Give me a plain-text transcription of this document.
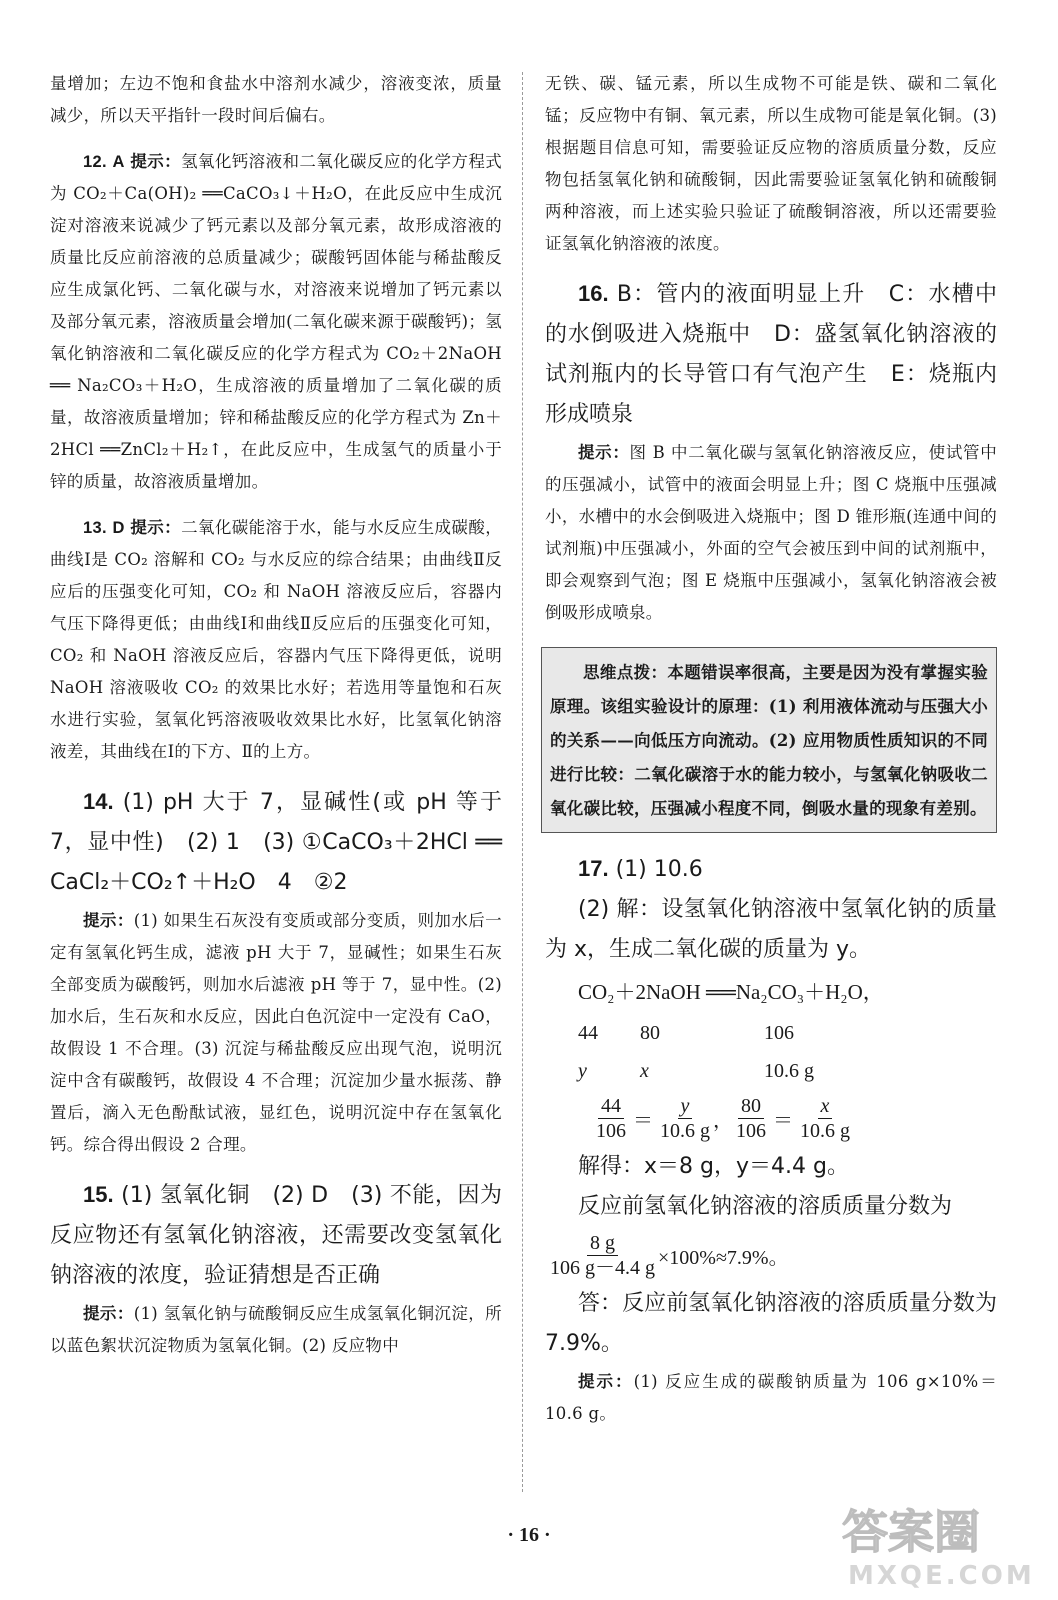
量增加；左边不饱和食盐水中溶剂水减少，溶液变浓，质量减少，所以天平指针一段时间后偏右。

12. A 提示：氢氧化钙溶液和二氧化碳反应的化学方程式为 CO₂＋Ca(OH)₂ ══CaCO₃↓＋H₂O，在此反应中生成沉淀对溶液来说减少了钙元素以及部分氧元素，故形成溶液的质量比反应前溶液的总质量减少；碳酸钙固体能与稀盐酸反应生成氯化钙、二氧化碳与水，对溶液来说增加了钙元素以及部分氧元素，溶液质量会增加(二氧化碳来源于碳酸钙)；氢氧化钠溶液和二氧化碳反应的化学方程式为 CO₂＋2NaOH ══ Na₂CO₃＋H₂O，生成溶液的质量增加了二氧化碳的质量，故溶液质量增加；锌和稀盐酸反应的化学方程式为 Zn＋2HCl ══ZnCl₂＋H₂↑，在此反应中，生成氢气的质量小于锌的质量，故溶液质量增加。

13. D 提示：二氧化碳能溶于水，能与水反应生成碳酸，曲线Ⅰ是 CO₂ 溶解和 CO₂ 与水反应的综合结果；由曲线Ⅱ反应后的压强变化可知，CO₂ 和 NaOH 溶液反应后，容器内气压下降得更低；由曲线Ⅰ和曲线Ⅱ反应后的压强变化可知，CO₂ 和 NaOH 溶液反应后，容器内气压下降得更低，说明 NaOH 溶液吸收 CO₂ 的效果比水好；若选用等量饱和石灰水进行实验，氢氧化钙溶液吸收效果比水好，比氢氧化钠溶液差，其曲线在Ⅰ的下方、Ⅱ的上方。

14. (1) pH 大于 7，显碱性(或 pH 等于 7，显中性)　(2) 1　(3) ①CaCO₃＋2HCl ══ CaCl₂＋CO₂↑＋H₂O　4　②2

提示：(1) 如果生石灰没有变质或部分变质，则加水后一定有氢氧化钙生成，滤液 pH 大于 7，显碱性；如果生石灰全部变质为碳酸钙，则加水后滤液 pH 等于 7，显中性。(2) 加水后，生石灰和水反应，因此白色沉淀中一定没有 CaO，故假设 1 不合理。(3) 沉淀与稀盐酸反应出现气泡，说明沉淀中含有碳酸钙，故假设 4 不合理；沉淀加少量水振荡、静置后，滴入无色酚酞试液，显红色，说明沉淀中存在氢氧化钙。综合得出假设 2 合理。

15. (1) 氢氧化铜　(2) D　(3) 不能，因为反应物还有氢氧化钠溶液，还需要改变氢氧化钠溶液的浓度，验证猜想是否正确

提示：(1) 氢氧化钠与硫酸铜反应生成氢氧化铜沉淀，所以蓝色絮状沉淀物质为氢氧化铜。(2) 反应物中

无铁、碳、锰元素，所以生成物不可能是铁、碳和二氧化锰；反应物中有铜、氧元素，所以生成物可能是氧化铜。(3) 根据题目信息可知，需要验证反应物的溶质质量分数，反应物包括氢氧化钠和硫酸铜，因此需要验证氢氧化钠和硫酸铜两种溶液，而上述实验只验证了硫酸铜溶液，所以还需要验证氢氧化钠溶液的浓度。

16. B：管内的液面明显上升　C：水槽中的水倒吸进入烧瓶中　D：盛氢氧化钠溶液的试剂瓶内的长导管口有气泡产生　E：烧瓶内形成喷泉

提示：图 B 中二氧化碳与氢氧化钠溶液反应，使试管中的压强减小，试管中的液面会明显上升；图 C 烧瓶中压强减小，水槽中的水会倒吸进入烧瓶中；图 D 锥形瓶(连通中间的试剂瓶)中压强减小，外面的空气会被压到中间的试剂瓶中，即会观察到气泡；图 E 烧瓶中压强减小，氢氧化钠溶液会被倒吸形成喷泉。

思维点拨：本题错误率很高，主要是因为没有掌握实验原理。该组实验设计的原理：(1) 利用液体流动与压强大小的关系——向低压方向流动。(2) 应用物质性质知识的不同进行比较：二氧化碳溶于水的能力较小，与氢氧化钠吸收二氧化碳比较，压强减小程度不同，倒吸水量的现象有差别。

17. (1) 10.6

(2) 解：设氢氧化钠溶液中氢氧化钠的质量为 x，生成二氧化碳的质量为 y。

CO₂＋2NaOH ══Na₂CO₃＋H₂O，

44	80	106
y	x	10.6 g
$\frac{44}{106} = \frac{y}{10.6 g}$ ， $\frac{80}{106} = \frac{x}{10.6 g}$

解得：x＝8 g，y＝4.4 g。

反应前氢氧化钠溶液的溶质质量分数为

$\frac{8 g}{106 g-4.4 g} \times 100\%\approx 7.9\%$。

答：反应前氢氧化钠溶液的溶质质量分数为 7.9%。

提示：(1) 反应生成的碳酸钠质量为 106 g×10%＝10.6 g。

· 16 ·	答案圈
MXQE.COM
